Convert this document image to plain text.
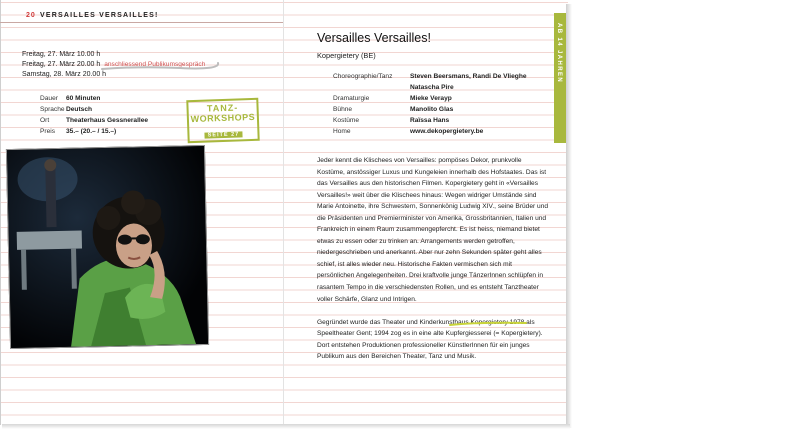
20 VERSAILLES VERSAILLES!
Freitag, 27. März 10.00 h
Freitag, 27. März 20.00 h anschliessend Publikumsgespräch
Samstag, 28. März 20.00 h
Dauer	60 Minuten
Sprache Deutsch
Ort	Theaterhaus Gessnerallee
Preis	35.– (20.– / 15.–)
TANZ-
WORKSHOPS
SEITE 27
Versailles Versailles!
Kopergietery (BE)
Choreographie/Tanz	Steven Beersmans, Randi De Vlieghe
Natascha Pire
Dramaturgie	Mieke Verayp
Bühne	Manolito Glas
Kostüme	Raïssa Hans
Home	www.dekopergietery.be

Jeder kennt die Klischees von Versailles: pompöses Dekor, prunkvolle Kostüme, anstössiger Luxus und Kungeleien innerhalb des Hofstaates. Das ist das Versailles aus den historischen Filmen. Kopergietery geht in «Versailles Versailles!» weit über die Klischees hinaus: Wegen widriger Umstände sind Marie Antoinette, ihre Schwestern, Sonnenkönig Ludwig XIV., seine Brüder und die Präsidenten und Premierminister von Amerika, Grossbritannien, Italien und Frankreich in einem Raum zusammengepfercht. Es ist heiss, niemand bietet etwas zu essen oder zu trinken an. Arrangements werden getroffen, niedergeschrieben und anerkannt. Aber nur zehn Sekunden später geht alles schief, ist alles wieder neu. Historische Fakten vermischen sich mit persönlichen Angelegenheiten. Drei kraftvolle junge TänzerInnen schlüpfen in rasantem Tempo in die verschiedensten Rollen, und es entsteht Tanztheater voller Schärfe, Glanz und Intrigen.

Gegründet wurde das Theater und Kinderkunsthaus Kopergietery 1978 als Speeltheater Gent; 1994 zog es in eine alte Kupfergiesserei (= Kopergietery). Dort entstehen Produktionen professioneller KünstlerInnen für ein junges Publikum aus den Bereichen Theater, Tanz und Musik.

AB 14 JAHREN
